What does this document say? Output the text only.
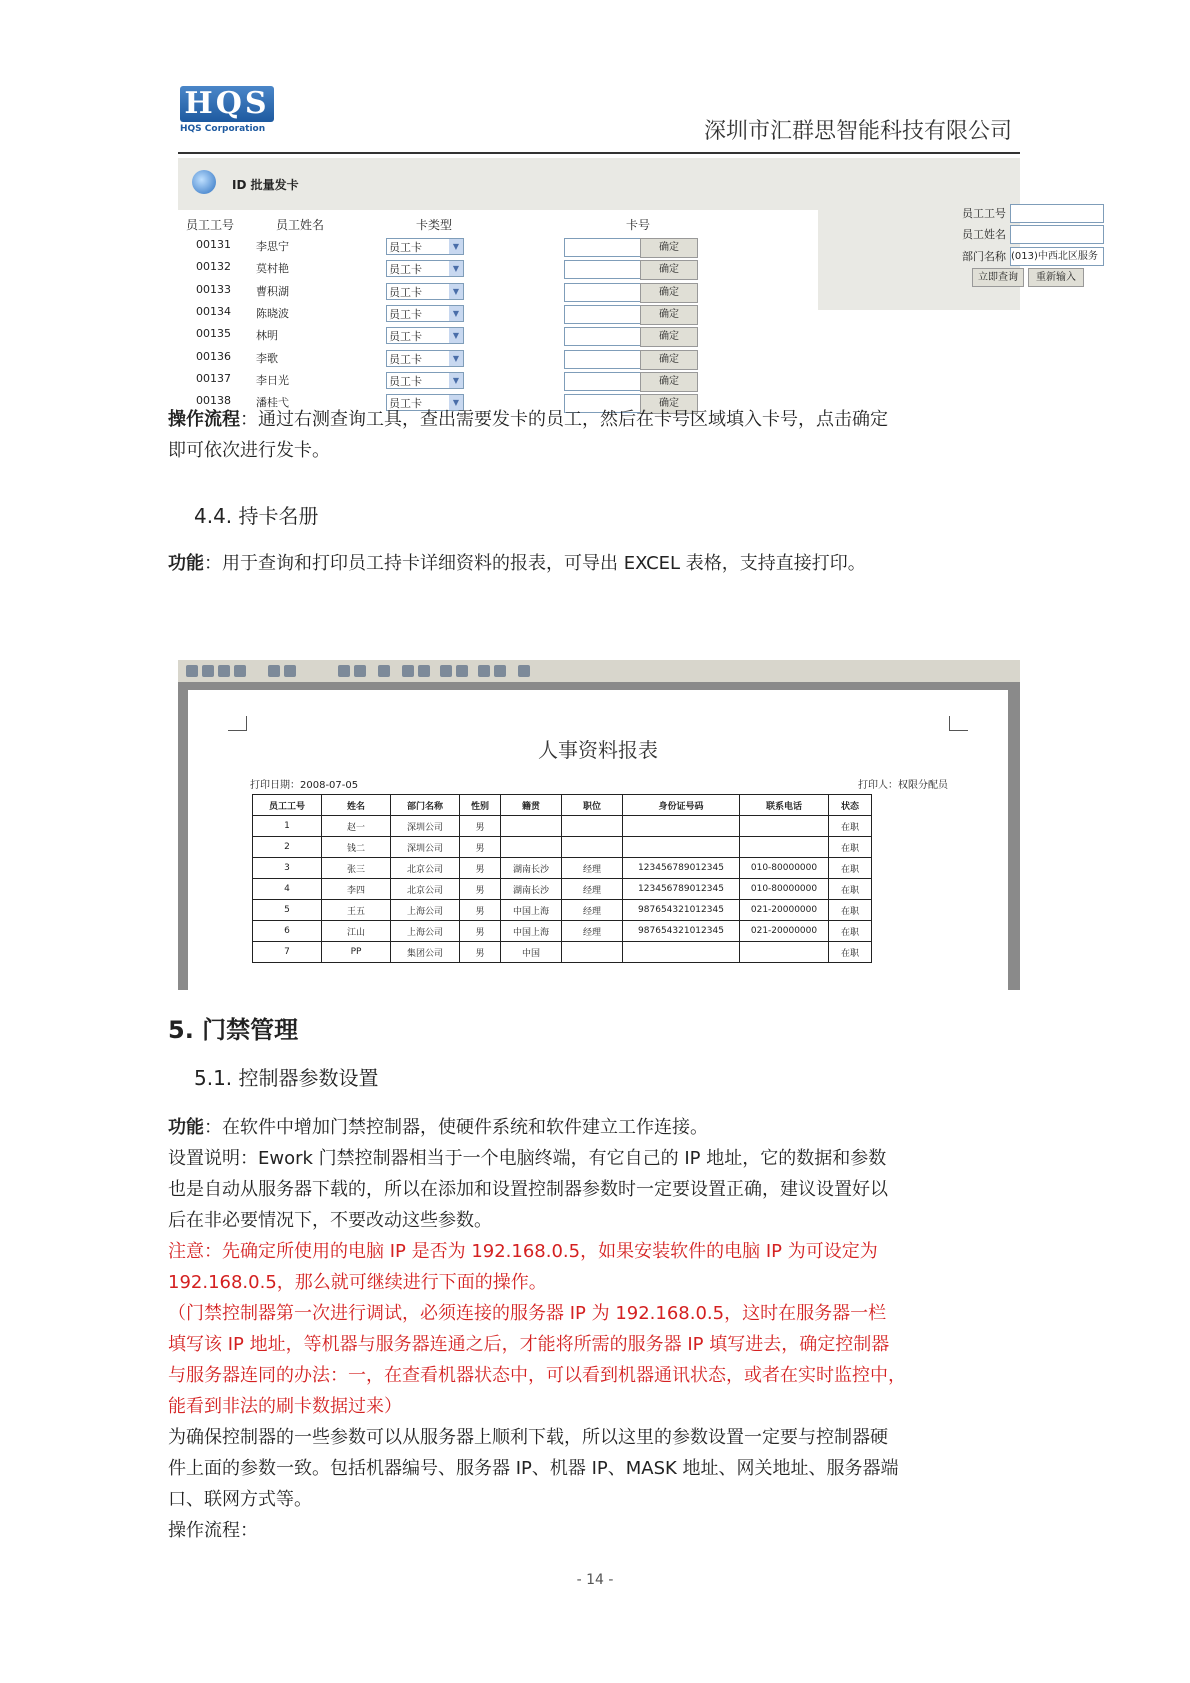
HQS
HQS Corporation	深圳市汇群思智能科技有限公司
ID 批量发卡
员工工号	员工姓名	卡类型	卡号
员工工号
员工姓名
部门名称 (013)中西北区服务
立即查询	重新输入
00131 李思宁	员工卡	▼	确定
00132 莫村艳	员工卡	▼	确定
00133 曹积湖	员工卡	▼	确定
00134 陈晓波	员工卡	▼	确定
00135 林明	员工卡	▼	确定
00136 李歌	员工卡	▼	确定
00137 李日光	员工卡	▼	确定
00138 潘桂弋	员工卡	▼	确定
操作流程：通过右测查询工具，查出需要发卡的员工，然后在卡号区域填入卡号，点击确定
即可依次进行发卡。
4.4. 持卡名册
功能：用于查询和打印员工持卡详细资料的报表，可导出 EXCEL 表格，支持直接打印。
人事资料报表
打印日期：2008-07-05	打印人：权限分配员
员工工号	姓名	部门名称	性别	籍贯	职位	身份证号码	联系电话	状态
1	赵一	深圳公司	男					在职
2	钱二	深圳公司	男					在职
3	张三	北京公司	男	湖南长沙	经理	123456789012345	010-80000000	在职
4	李四	北京公司	男	湖南长沙	经理	123456789012345	010-80000000	在职
5	王五	上海公司	男	中国上海	经理	987654321012345	021-20000000	在职
6	江山	上海公司	男	中国上海	经理	987654321012345	021-20000000	在职
7	PP	集团公司	男	中国				在职
5. 门禁管理
5.1. 控制器参数设置
功能：在软件中增加门禁控制器，使硬件系统和软件建立工作连接。
设置说明：Ework 门禁控制器相当于一个电脑终端，有它自己的 IP 地址，它的数据和参数
也是自动从服务器下载的，所以在添加和设置控制器参数时一定要设置正确，建议设置好以
后在非必要情况下，不要改动这些参数。
注意：先确定所使用的电脑 IP 是否为 192.168.0.5，如果安装软件的电脑 IP 为可设定为
192.168.0.5，那么就可继续进行下面的操作。
（门禁控制器第一次进行调试，必须连接的服务器 IP 为 192.168.0.5，这时在服务器一栏
填写该 IP 地址，等机器与服务器连通之后，才能将所需的服务器 IP 填写进去，确定控制器
与服务器连同的办法：一，在查看机器状态中，可以看到机器通讯状态，或者在实时监控中，
能看到非法的刷卡数据过来）
为确保控制器的一些参数可以从服务器上顺利下载，所以这里的参数设置一定要与控制器硬
件上面的参数一致。包括机器编号、服务器 IP、机器 IP、MASK 地址、网关地址、服务器端
口、联网方式等。
操作流程：
- 14 -
